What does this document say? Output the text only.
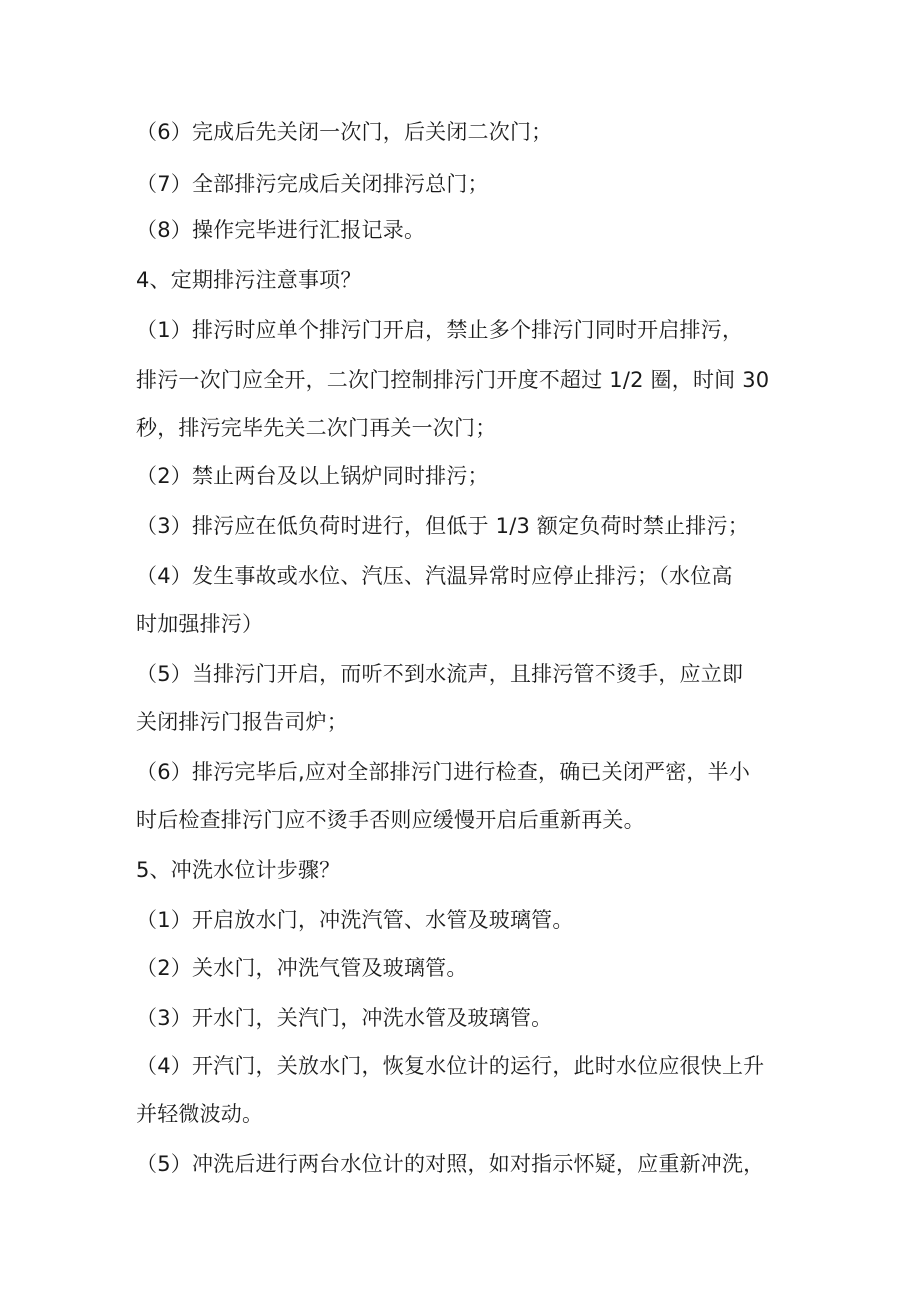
（6）完成后先关闭一次门，后关闭二次门；
（7）全部排污完成后关闭排污总门；
（8）操作完毕进行汇报记录。
4、定期排污注意事项？
（1）排污时应单个排污门开启，禁止多个排污门同时开启排污，
排污一次门应全开，二次门控制排污门开度不超过 1/2 圈，时间 30
秒，排污完毕先关二次门再关一次门；
（2）禁止两台及以上锅炉同时排污；
（3）排污应在低负荷时进行，但低于 1/3 额定负荷时禁止排污；
（4）发生事故或水位、汽压、汽温异常时应停止排污；（水位高
时加强排污）
（5）当排污门开启，而听不到水流声，且排污管不烫手，应立即
关闭排污门报告司炉；
（6）排污完毕后,应对全部排污门进行检查，确已关闭严密，半小
时后检查排污门应不烫手否则应缓慢开启后重新再关。
5、冲洗水位计步骤？
（1）开启放水门，冲洗汽管、水管及玻璃管。
（2）关水门，冲洗气管及玻璃管。
（3）开水门，关汽门，冲洗水管及玻璃管。
（4）开汽门，关放水门，恢复水位计的运行，此时水位应很快上升
并轻微波动。
（5）冲洗后进行两台水位计的对照，如对指示怀疑，应重新冲洗，
